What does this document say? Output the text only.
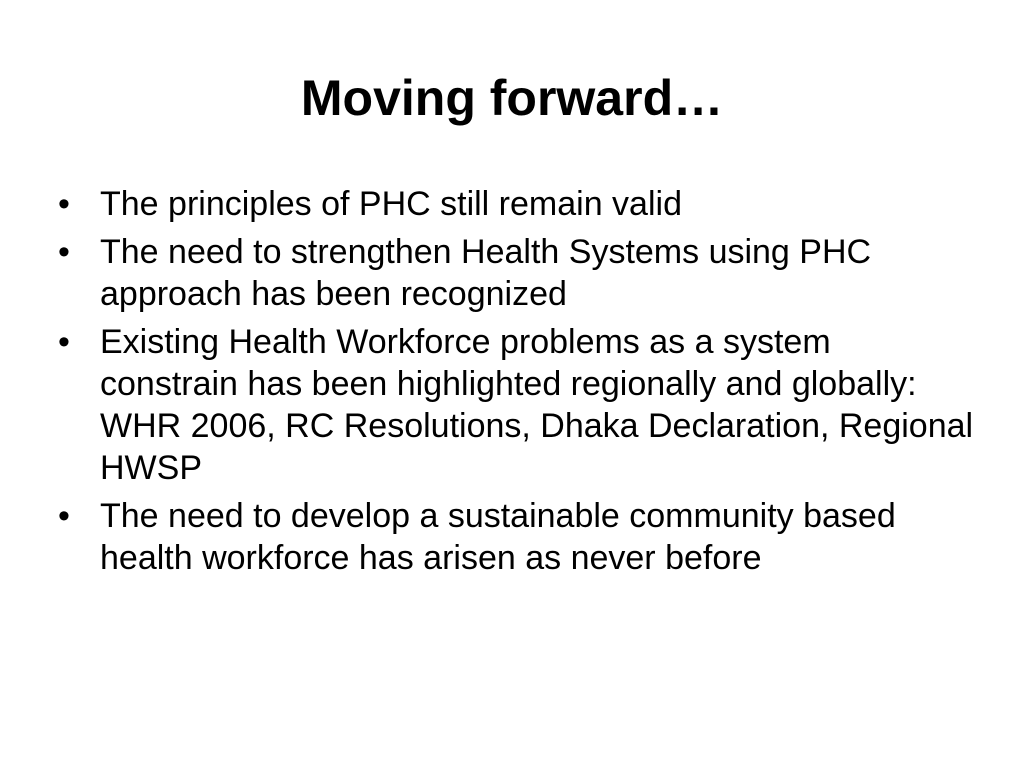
Moving forward…
• The principles of PHC still remain valid
• The need to strengthen Health Systems using PHC approach has been recognized
• Existing Health Workforce problems as a system constrain has been highlighted regionally and globally: WHR 2006, RC Resolutions, Dhaka Declaration, Regional HWSP
• The need to develop a sustainable community based health workforce has arisen as never before
